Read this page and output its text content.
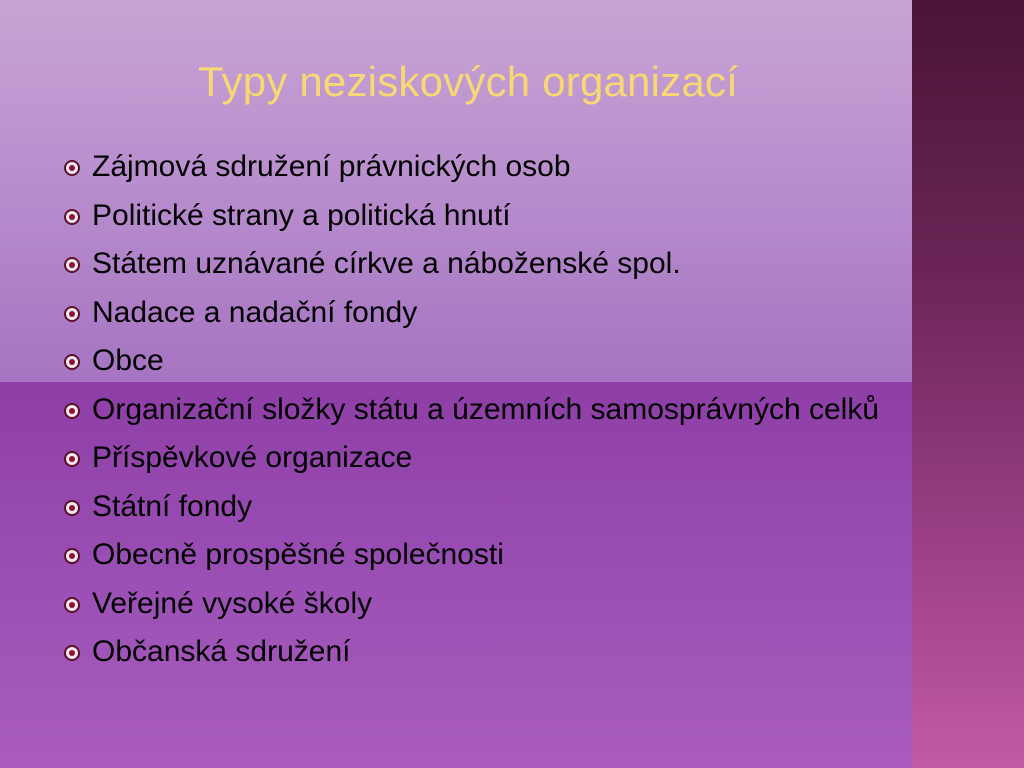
Typy neziskových organizací
Zájmová sdružení právnických osob
Politické strany a politická hnutí
Státem uznávané církve a náboženské spol.
Nadace a nadační fondy
Obce
Organizační složky státu a územních samosprávných celků
Příspěvkové organizace
Státní fondy
Obecně prospěšné společnosti
Veřejné vysoké školy
Občanská sdružení
